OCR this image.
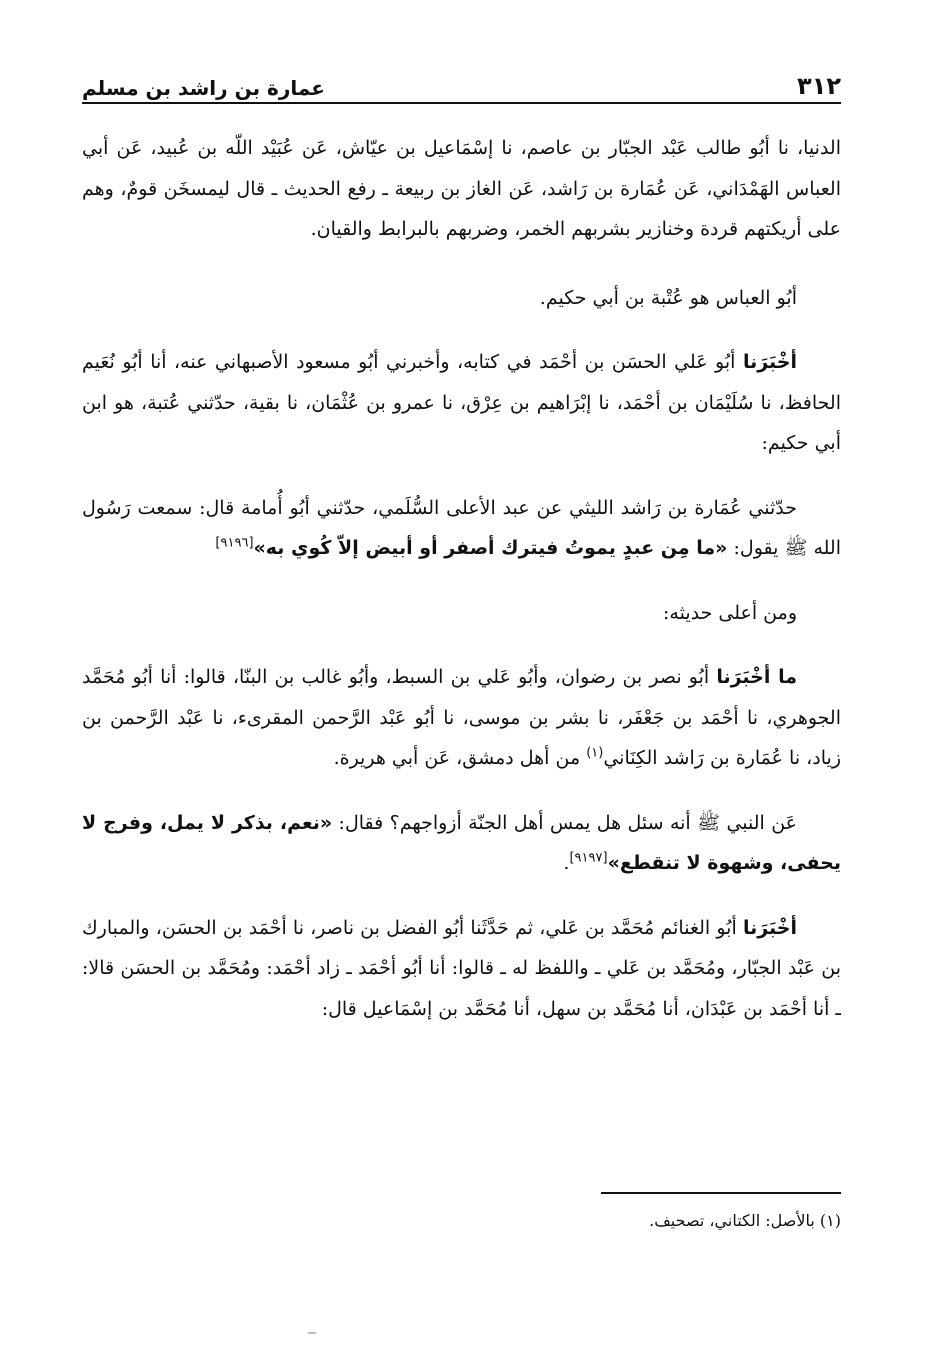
٣١٢
عمارة بن راشد بن مسلم

الدنيا، نا أبُو طالب عَبْد الجبّار بن عاصم، نا إسْمَاعيل بن عيّاش، عَن عُبَيْد اللّه بن عُبيد، عَن أبي العباس الهَمْدَاني، عَن عُمَارة بن رَاشد، عَن الغاز بن ربيعة ـ رفع الحديث ـ قال ليمسخَن قومٌ، وهم على أريكتهم قردة وخنازير بشربهم الخمر، وضربهم بالبرابط والقيان.

أبُو العباس هو عُتْبة بن أبي حكيم.

أخْبَرَنا أبُو عَلي الحسَن بن أحْمَد في كتابه، وأخبرني أبُو مسعود الأصبهاني عنه، أنا أبُو نُعَيم الحافظ، نا سُلَيْمَان بن أحْمَد، نا إبْرَاهيم بن عِرْق، نا عمرو بن عُثْمَان، نا بقية، حدّثني عُتبة، هو ابن أبي حكيم:

حدّثني عُمَارة بن رَاشد الليثي عن عبد الأعلى السُّلَمي، حدّثني أبُو أُمامة قال: سمعت رَسُول الله ﷺ يقول: «ما مِن عبدٍ يموتُ فيترك أصفر أو أبيض إلاّ كُوي به»[٩١٩٦]

ومن أعلى حديثه:

ما أخْبَرَنا أبُو نصر بن رضوان، وأبُو عَلي بن السبط، وأبُو غالب بن البنّا، قالوا: أنا أبُو مُحَمَّد الجوهري، نا أحْمَد بن جَعْفَر، نا بشر بن موسى، نا أبُو عَبْد الرَّحمن المقرىء، نا عَبْد الرَّحمن بن زياد، نا عُمَارة بن رَاشد الكِنَاني$^{(١)}$ من أهل دمشق، عَن أبي هريرة.

عَن النبي ﷺ أنه سئل هل يمس أهل الجنّة أزواجهم؟ فقال: «نعم، بذكر لا يمل، وفرج لا يحفى، وشهوة لا تنقطع»[٩١٩٧].

أخْبَرَنا أبُو الغنائم مُحَمَّد بن عَلي، ثم حَدَّثَنا أبُو الفضل بن ناصر، نا أحْمَد بن الحسَن، والمبارك بن عَبْد الجبّار، ومُحَمَّد بن عَلي ـ واللفظ له ـ قالوا: أنا أبُو أحْمَد ـ زاد أحْمَد: ومُحَمَّد بن الحسَن قالا: ـ أنا أحْمَد بن عَبْدَان، أنا مُحَمَّد بن سهل، أنا مُحَمَّد بن إسْمَاعيل قال:

(١) بالأصل: الكتاني، تصحيف.
